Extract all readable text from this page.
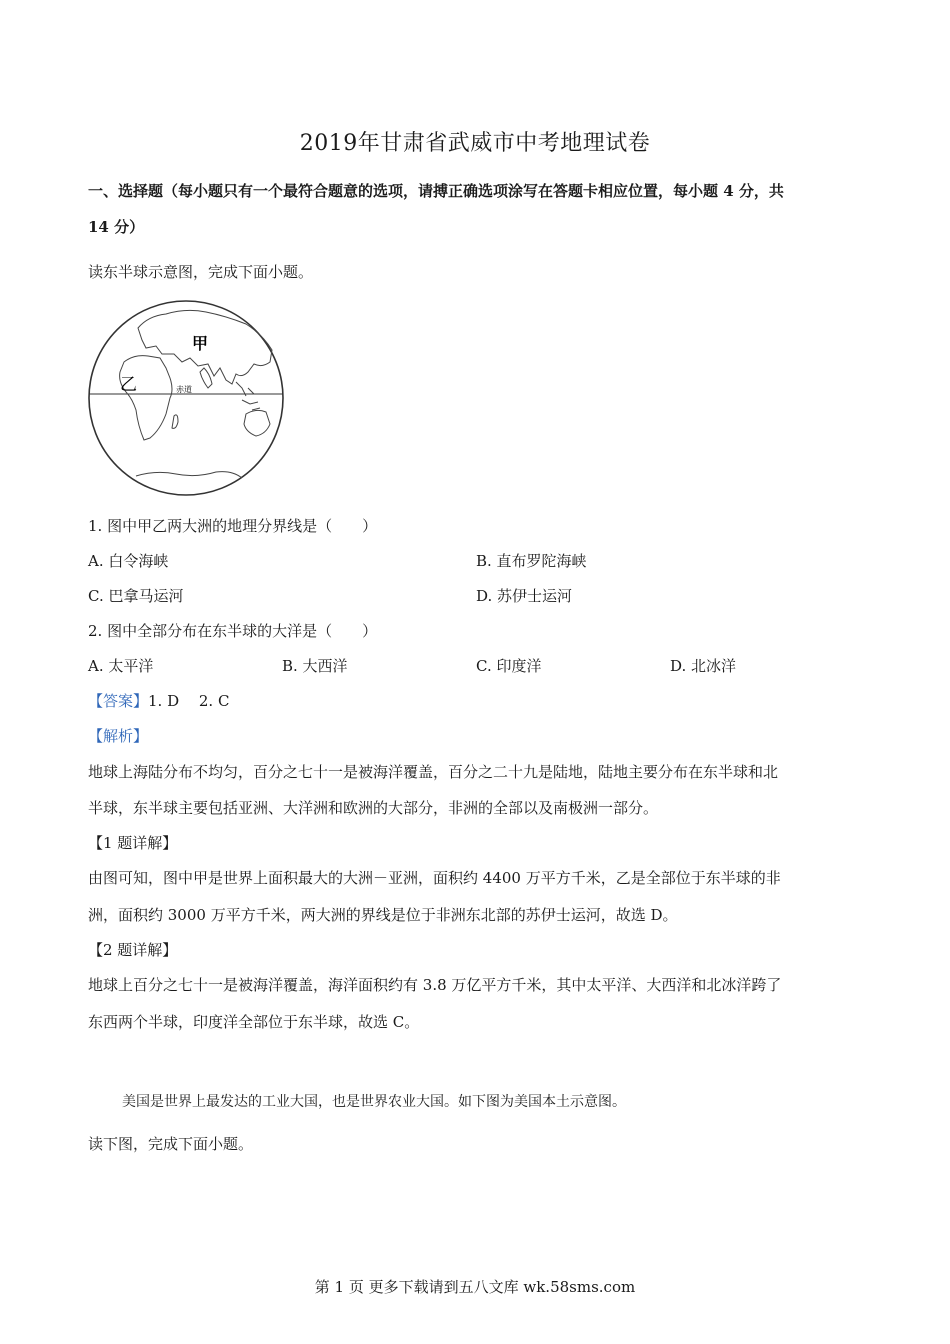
2019年甘肃省武威市中考地理试卷
一、选择题（每小题只有一个最符合题意的选项，请搏正确选项涂写在答题卡相应位置，每小题 4 分，共
14 分）
读东半球示意图，完成下面小题。
甲
乙	赤道
1. 图中甲乙两大洲的地理分界线是（　　）
A. 白令海峡	B. 直布罗陀海峡
C. 巴拿马运河	D. 苏伊士运河
2. 图中全部分布在东半球的大洋是（　　）
A. 太平洋	B. 大西洋	C. 印度洋	D. 北冰洋
【答案】1. D　 2. C
【解析】
地球上海陆分布不均匀，百分之七十一是被海洋覆盖，百分之二十九是陆地，陆地主要分布在东半球和北
半球，东半球主要包括亚洲、大洋洲和欧洲的大部分，非洲的全部以及南极洲一部分。
【1 题详解】
由图可知，图中甲是世界上面积最大的大洲－亚洲，面积约 4400 万平方千米，乙是全部位于东半球的非
洲，面积约 3000 万平方千米，两大洲的界线是位于非洲东北部的苏伊士运河，故选 D。
【2 题详解】
地球上百分之七十一是被海洋覆盖，海洋面积约有 3.8 万亿平方千米，其中太平洋、大西洋和北冰洋跨了
东西两个半球，印度洋全部位于东半球，故选 C。
美国是世界上最发达的工业大国，也是世界农业大国。如下图为美国本土示意图。
读下图，完成下面小题。
第 1 页 更多下载请到五八文库 wk.58sms.com
